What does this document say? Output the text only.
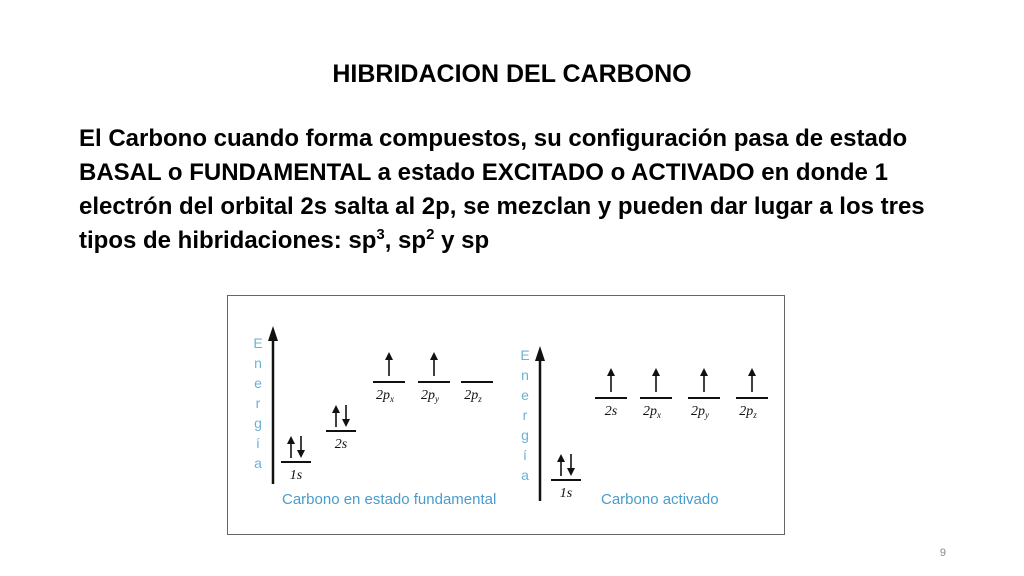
HIBRIDACION DEL CARBONO
El Carbono cuando forma compuestos, su configuración pasa de estado BASAL o FUNDAMENTAL a estado EXCITADO o ACTIVADO en donde 1 electrón del orbital 2s salta al 2p, se mezclan y pueden dar lugar a los tres tipos de hibridaciones: $sp^3$, $sp^2$ y sp
E
n
e
r
g
í
a
E
n
e
r
g
í
a
1s
2s
$2p_x$ $2p_y$ $2p_z$
1s
2s $2p_x$ $2p_y$ $2p_z$
Carbono en estado fundamental	Carbono activado
9
